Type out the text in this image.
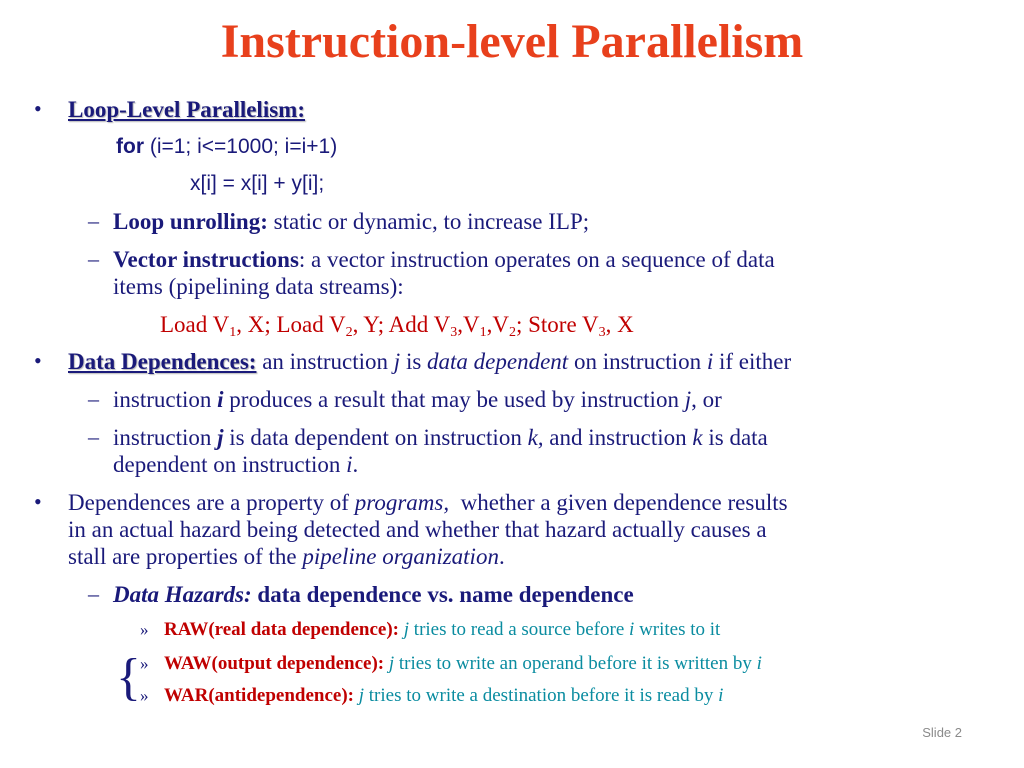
Instruction-level Parallelism
• Loop-Level Parallelism:
for (i=1; i<=1000; i=i+1)
x[i] = x[i] + y[i];
– Loop unrolling: static or dynamic, to increase ILP;
– Vector instructions: a vector instruction operates on a sequence of data
items (pipelining data streams):
Load $V_1$, X; Load $V_2$, Y; Add $V_3,V_1,V_2$; Store $V_3$, X
• Data Dependences: an instruction j is data dependent on instruction i if either
– instruction i produces a result that may be used by instruction j, or
– instruction j is data dependent on instruction k, and instruction k is data
dependent on instruction i.
• Dependences are a property of programs,  whether a given dependence results
in an actual hazard being detected and whether that hazard actually causes a
stall are properties of the pipeline organization.
– Data Hazards: data dependence vs. name dependence
» RAW(real data dependence): j tries to read a source before i writes to it
{ » WAW(output dependence): j tries to write an operand before it is written by i
» WAR(antidependence): j tries to write a destination before it is read by i
Slide 2
